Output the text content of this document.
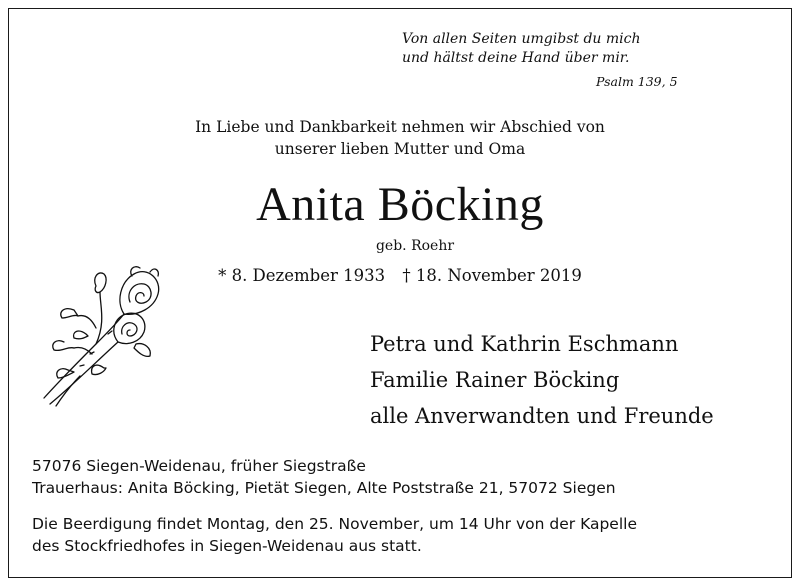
Von allen Seiten umgibst du mich
und hältst deine Hand über mir.
Psalm 139, 5
In Liebe und Dankbarkeit nehmen wir Abschied von
unserer lieben Mutter und Oma
Anita Böcking
geb. Roehr
* 8. Dezember 1933 † 18. November 2019
Petra und Kathrin Eschmann
Familie Rainer Böcking
alle Anverwandten und Freunde
57076 Siegen-Weidenau, früher Siegstraße
Trauerhaus: Anita Böcking, Pietät Siegen, Alte Poststraße 21, 57072 Siegen
Die Beerdigung findet Montag, den 25. November, um 14 Uhr von der Kapelle
des Stockfriedhofes in Siegen-Weidenau aus statt.
